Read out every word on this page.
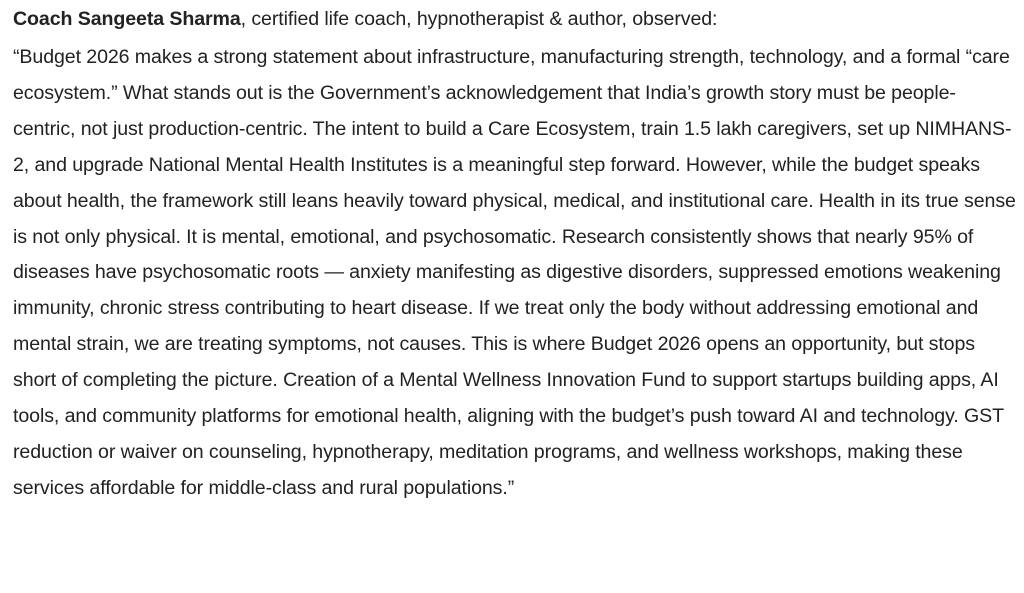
Coach Sangeeta Sharma, certified life coach, hypnotherapist & author, observed:

“Budget 2026 makes a strong statement about infrastructure, manufacturing strength, technology, and a formal “care ecosystem.” What stands out is the Government’s acknowledgement that India’s growth story must be people-centric, not just production-centric. The intent to build a Care Ecosystem, train 1.5 lakh caregivers, set up NIMHANS-2, and upgrade National Mental Health Institutes is a meaningful step forward. However, while the budget speaks about health, the framework still leans heavily toward physical, medical, and institutional care. Health in its true sense is not only physical. It is mental, emotional, and psychosomatic. Research consistently shows that nearly 95% of diseases have psychosomatic roots — anxiety manifesting as digestive disorders, suppressed emotions weakening immunity, chronic stress contributing to heart disease. If we treat only the body without addressing emotional and mental strain, we are treating symptoms, not causes. This is where Budget 2026 opens an opportunity, but stops short of completing the picture. Creation of a Mental Wellness Innovation Fund to support startups building apps, AI tools, and community platforms for emotional health, aligning with the budget’s push toward AI and technology. GST reduction or waiver on counseling, hypnotherapy, meditation programs, and wellness workshops, making these services affordable for middle-class and rural populations.”
